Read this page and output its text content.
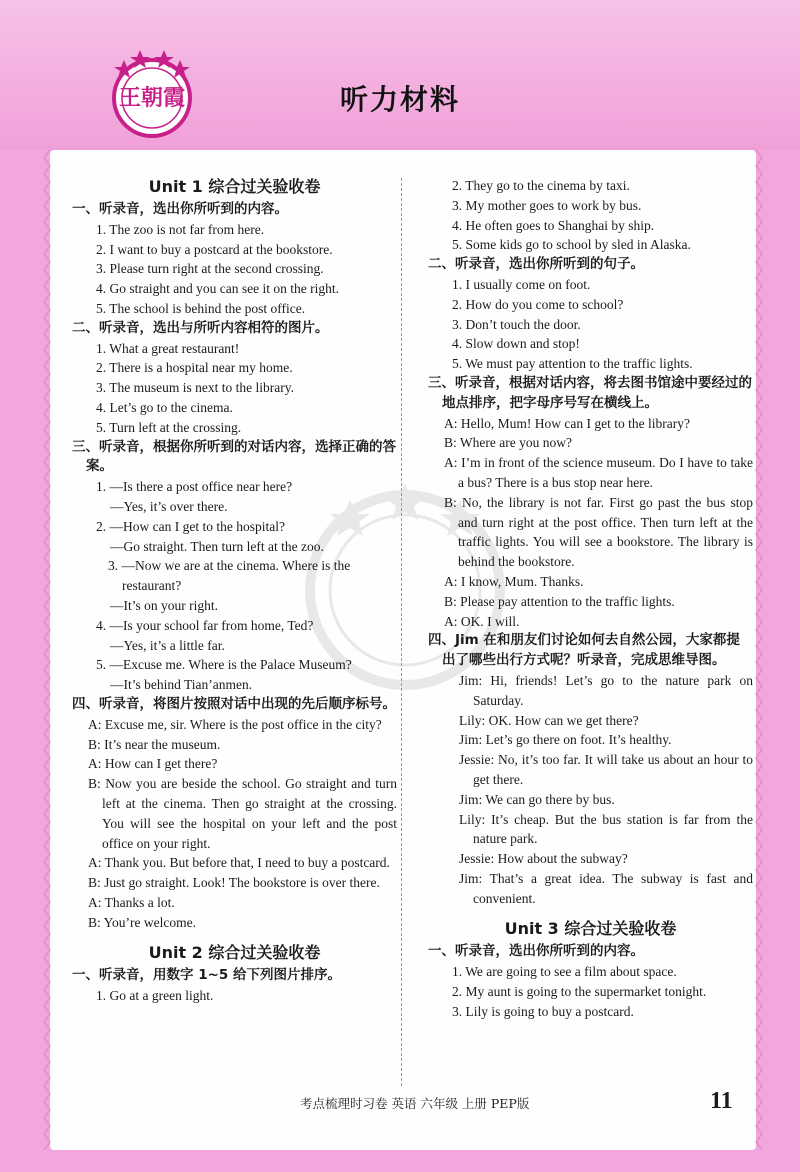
王朝霞	听力材料
Unit 1 综合过关验收卷
一、听录音，选出你所听到的内容。
1. The zoo is not far from here.
2. I want to buy a postcard at the bookstore.
3. Please turn right at the second crossing.
4. Go straight and you can see it on the right.
5. The school is behind the post office.
二、听录音，选出与所听内容相符的图片。
1. What a great restaurant!
2. There is a hospital near my home.
3. The museum is next to the library.
4. Let’s go to the cinema.
5. Turn left at the crossing.
三、听录音，根据你所听到的对话内容，选择正确的答案。
1. —Is there a post office near here?
—Yes, it’s over there.
2. —How can I get to the hospital?
—Go straight. Then turn left at the zoo.
3. —Now we are at the cinema. Where is the restaurant?
—It’s on your right.
4. —Is your school far from home, Ted?
—Yes, it’s a little far.
5. —Excuse me. Where is the Palace Museum?
—It’s behind Tian’anmen.
四、听录音，将图片按照对话中出现的先后顺序标号。
A: Excuse me, sir. Where is the post office in the city?
B: It’s near the museum.
A: How can I get there?
B: Now you are beside the school. Go straight and turn left at the cinema. Then go straight at the crossing. You will see the hospital on your left and the post office on your right.
A: Thank you. But before that, I need to buy a postcard.
B: Just go straight. Look! The bookstore is over there.
A: Thanks a lot.
B: You’re welcome.
Unit 2 综合过关验收卷
一、听录音，用数字 1~5 给下列图片排序。
1. Go at a green light.
2. They go to the cinema by taxi.
3. My mother goes to work by bus.
4. He often goes to Shanghai by ship.
5. Some kids go to school by sled in Alaska.
二、听录音，选出你所听到的句子。
1. I usually come on foot.
2. How do you come to school?
3. Don’t touch the door.
4. Slow down and stop!
5. We must pay attention to the traffic lights.
三、听录音，根据对话内容，将去图书馆途中要经过的地点排序，把字母序号写在横线上。
A: Hello, Mum! How can I get to the library?
B: Where are you now?
A: I’m in front of the science museum. Do I have to take a bus? There is a bus stop near here.
B: No, the library is not far. First go past the bus stop and turn right at the post office. Then turn left at the traffic lights. You will see a bookstore. The library is behind the bookstore.
A: I know, Mum. Thanks.
B: Please pay attention to the traffic lights.
A: OK. I will.
四、Jim 在和朋友们讨论如何去自然公园，大家都提出了哪些出行方式呢？听录音，完成思维导图。
Jim: Hi, friends! Let’s go to the nature park on Saturday.
Lily: OK. How can we get there?
Jim: Let’s go there on foot. It’s healthy.
Jessie: No, it’s too far. It will take us about an hour to get there.
Jim: We can go there by bus.
Lily: It’s cheap. But the bus station is far from the nature park.
Jessie: How about the subway?
Jim: That’s a great idea. The subway is fast and convenient.
Unit 3 综合过关验收卷
一、听录音，选出你所听到的内容。
1. We are going to see a film about space.
2. My aunt is going to the supermarket tonight.
3. Lily is going to buy a postcard.
考点梳理时习卷 英语 六年级 上册 PEP版	11
